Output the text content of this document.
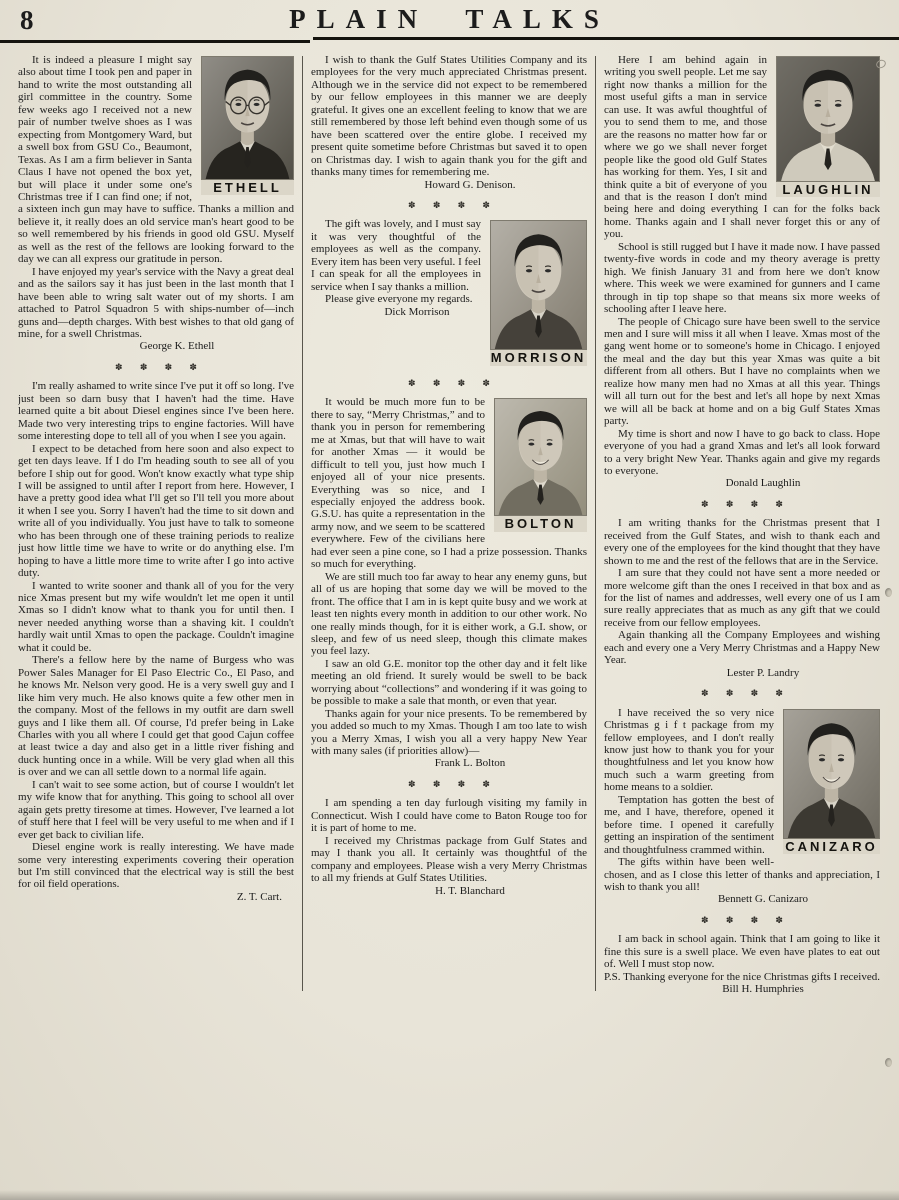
8	PLAIN TALKS
ETHELL

It is indeed a pleasure I might say also about time I took pen and paper in hand to write the most outstanding all girl committee in the country. Some few weeks ago I received not a new pair of number twelve shoes as I was expecting from Montgomery Ward, but a swell box from GSU Co., Beaumont, Texas. As I am a firm believer in Santa Claus I have not opened the box yet, but will place it under some one's Christmas tree if I can find one; if not, a sixteen inch gun may have to suffice. Thanks a million and believe it, it really does an old service man's heart good to be so well remembered by his friends in good old GSU. Myself as well as the rest of the fellows are looking forward to the day we can all express our gratitude in person.

I have enjoyed my year's service with the Navy a great deal and as the sailors say it has just been in the last month that I have been able to wring salt water out of my shorts. I am attached to Patrol Squadron 5 with ships-number of—inch guns and—depth charges. With best wishes to that old gang of mine, for a swell Christmas.

George K. Ethell

✽ ✽ ✽ ✽

I'm really ashamed to write since I've put it off so long. I've just been so darn busy that I haven't had the time. Have learned quite a bit about Diesel engines since I've been here. Made two very interesting trips to engine factories. Will have some interesting dope to tell all of you when I see you again.

I expect to be detached from here soon and also expect to get ten days leave. If I do I'm heading south to see all of you before I ship out for good. Won't know exactly what type ship I will be assigned to until after I report from here. However, I have a pretty good idea what I'll get so I'll tell you more about it when I see you. Sorry I haven't had the time to sit down and write all of you individually. You just have to talk to someone who has been through one of these training periods to realize just how little time we have to write or do anything else. I'm hoping to have a little more time to write after I go into active duty.

I wanted to write sooner and thank all of you for the very nice Xmas present but my wife wouldn't let me open it until Xmas so I didn't know what to thank you for until then. I never needed anything worse than a shaving kit. I couldn't hardly wait until Xmas to open the package. Couldn't imagine what it could be.

There's a fellow here by the name of Burgess who was Power Sales Manager for El Paso Electric Co., El Paso, and he knows Mr. Nelson very good. He is a very swell guy and I like him very much. He also knows quite a few other men in the company. Most of the fellows in my outfit are darn swell guys and I like them all. Of course, I'd prefer being in Lake Charles with you all where I could get that good Cajun coffee at least twice a day and also get in a little river fishing and duck hunting once in a while. Will be very glad when all this is over and we can all settle down to a normal life again.

I can't wait to see some action, but of course I wouldn't let my wife know that for anything. This going to school all over again gets pretty tiresome at times. However, I've learned a lot of stuff here that I feel will be very useful to me when and if I ever get back to civilian life.

Diesel engine work is really interesting. We have made some very interesting experiments covering their operation but I'm still convinced that the electrical way is still the best for oil field operations.

Z. T. Cart.

I wish to thank the Gulf States Utilities Company and its employees for the very much appreciated Christmas present. Although we in the service did not expect to be remembered by our fellow employees in this manner we are deeply grateful. It gives one an excellent feeling to know that we are still remembered by those left behind even though some of us have been scattered over the entire globe. I received my present quite sometime before Christmas but saved it to open on Christmas day. I wish to again thank you for the gift and thanks many times for remembering me.

Howard G. Denison.

✽ ✽ ✽ ✽
MORRISON

The gift was lovely, and I must say it was very thoughtful of the employees as well as the company. Every item has been very useful. I feel I can speak for all the employees in service when I say thanks a million.

Please give everyone my regards.

Dick Morrison

✽ ✽ ✽ ✽
BOLTON

It would be much more fun to be there to say, “Merry Christmas,” and to thank you in person for remembering me at Xmas, but that will have to wait for another Xmas — it would be difficult to tell you, just how much I enjoyed all of your nice presents. Everything was so nice, and I especially enjoyed the address book. G.S.U. has quite a representation in the army now, and we seem to be scattered everywhere. Few of the civilians here had ever seen a pine cone, so I had a prize possession. Thanks so much for everything.

We are still much too far away to hear any enemy guns, but all of us are hoping that some day we will be moved to the front. The office that I am in is kept quite busy and we work at least ten nights every month in addition to our other work. No one really minds though, for it is either work, a G.I. show, or sleep, and few of us need sleep, though this climate makes you feel lazy.

I saw an old G.E. monitor top the other day and it felt like meeting an old friend. It surely would be swell to be back worrying about “collections” and wondering if it was going to be possible to make a sale that month, or even that year.

Thanks again for your nice presents. To be remembered by you added so much to my Xmas. Though I am too late to wish you a Merry Xmas, I wish you all a very happy New Year with many sales (if priorities allow)—

Frank L. Bolton

✽ ✽ ✽ ✽

I am spending a ten day furlough visiting my family in Connecticut. Wish I could have come to Baton Rouge too for it is part of home to me.

I received my Christmas package from Gulf States and may I thank you all. It certainly was thoughtful of the company and employees. Please wish a very Merry Christmas to all my friends at Gulf States Utilities.

H. T. Blanchard

LAUGHLIN

Here I am behind again in writing you swell people. Let me say right now thanks a million for the most useful gifts a man in service can use. It was awful thoughtful of you to send them to me, and those are the reasons no matter how far or where we go we shall never forget people like the good old Gulf States has working for them. Yes, I sit and think quite a bit of everyone of you and that is the reason I don't mind being here and doing everything I can for the folks back home. Thanks again and I shall never forget this or any of you.

School is still rugged but I have it made now. I have passed twenty-five words in code and my theory average is pretty high. We finish January 31 and from here we don't know where. This week we were examined for gunners and I came through in tip top shape so that means six more weeks of schooling after I leave here.

The people of Chicago sure have been swell to the service men and I sure will miss it all when I leave. Xmas most of the gang went home or to someone's home in Chicago. I enjoyed the meal and the day but this year Xmas was quite a bit different from all others. But I have no complaints when we realize how many men had no Xmas at all this year. Things will all turn out for the best and let's all hope by next Xmas we will all be back at home and on a big Gulf States Xmas party.

My time is short and now I have to go back to class. Hope everyone of you had a grand Xmas and let's all look forward to a very bright New Year. Thanks again and give my regards to everyone.

Donald Laughlin

✽ ✽ ✽ ✽

I am writing thanks for the Christmas present that I received from the Gulf States, and wish to thank each and every one of the employees for the kind thought that they have shown to me and the rest of the fellows that are in the Service.

I am sure that they could not have sent a more needed or more welcome gift than the ones I received in that box and as for the list of names and addresses, well every one of us I am sure really appreciates that as much as any gift that we could receive from our fellow employees.

Again thanking all the Company Employees and wishing each and every one a Very Merry Christmas and a Happy New Year.

Lester P. Landry

✽ ✽ ✽ ✽
CANIZARO

I have received the so very nice Christmas g i f t package from my fellow employees, and I don't really know just how to thank you for your thoughtfulness and let you know how much such a warm greeting from home means to a soldier.

Temptation has gotten the best of me, and I have, therefore, opened it before time. I opened it carefully getting an inspiration of the sentiment and thoughtfulness crammed within.

The gifts within have been well-chosen, and as I close this letter of thanks and appreciation, I wish to thank you all!

Bennett G. Canizaro

✽ ✽ ✽ ✽

I am back in school again. Think that I am going to like it fine this sure is a swell place. We even have plates to eat out of. Well I must stop now.

P.S. Thanking everyone for the nice Christmas gifts I received.

Bill H. Humphries
